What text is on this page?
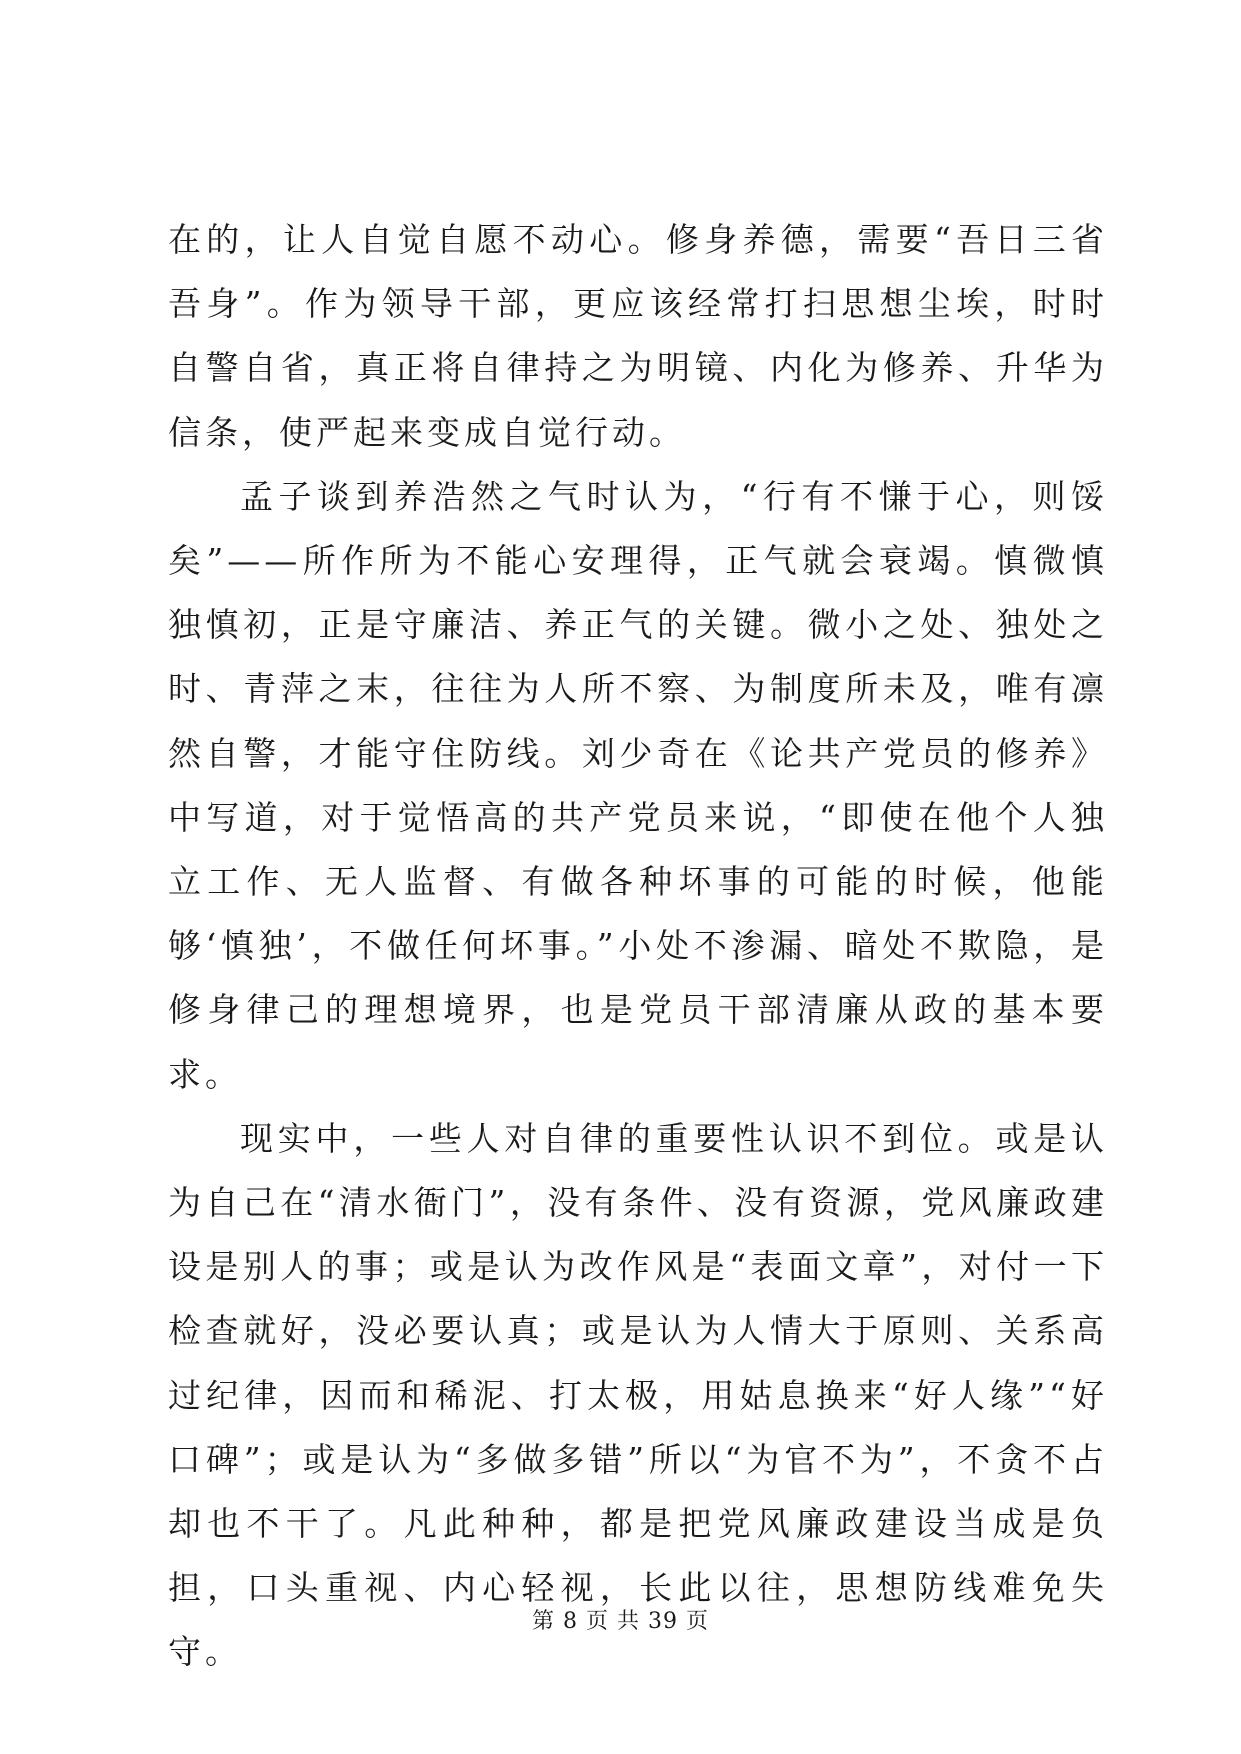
在的，让人自觉自愿不动心。修身养德，需要“吾日三省吾身”。作为领导干部，更应该经常打扫思想尘埃，时时自警自省，真正将自律持之为明镜、内化为修养、升华为信条，使严起来变成自觉行动。

孟子谈到养浩然之气时认为，“行有不慊于心，则馁矣”——所作所为不能心安理得，正气就会衰竭。慎微慎独慎初，正是守廉洁、养正气的关键。微小之处、独处之时、青萍之末，往往为人所不察、为制度所未及，唯有凛然自警，才能守住防线。刘少奇在《论共产党员的修养》中写道，对于觉悟高的共产党员来说，“即使在他个人独立工作、无人监督、有做各种坏事的可能的时候，他能够‘慎独’，不做任何坏事。”小处不渗漏、暗处不欺隐，是修身律己的理想境界，也是党员干部清廉从政的基本要求。

现实中，一些人对自律的重要性认识不到位。或是认为自己在“清水衙门”，没有条件、没有资源，党风廉政建设是别人的事；或是认为改作风是“表面文章”，对付一下检查就好，没必要认真；或是认为人情大于原则、关系高过纪律，因而和稀泥、打太极，用姑息换来“好人缘”“好口碑”；或是认为“多做多错”所以“为官不为”，不贪不占却也不干了。凡此种种，都是把党风廉政建设当成是负担，口头重视、内心轻视，长此以往，思想防线难免失守。

第 8 页 共 39 页
